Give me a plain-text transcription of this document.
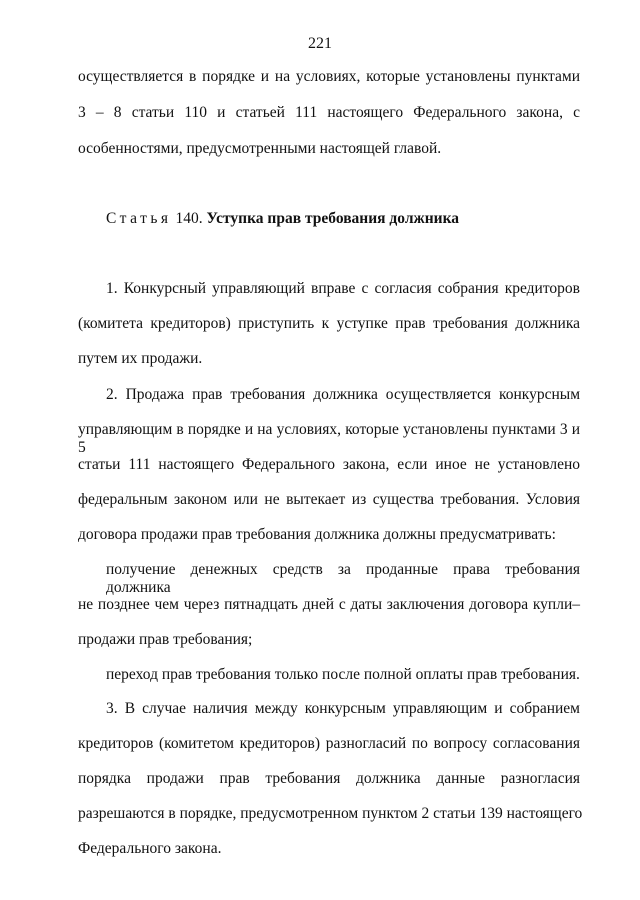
221
осуществляется в порядке и на условиях, которые установлены пунктами
3 – 8 статьи 110 и статьей 111 настоящего Федерального закона, с
особенностями, предусмотренными настоящей главой.
Статья 140. Уступка прав требования должника
1. Конкурсный управляющий вправе с согласия собрания кредиторов
(комитета кредиторов) приступить к уступке прав требования должника
путем их продажи.
2. Продажа прав требования должника осуществляется конкурсным
управляющим в порядке и на условиях, которые установлены пунктами 3 и 5
статьи 111 настоящего Федерального закона, если иное не установлено
федеральным законом или не вытекает из существа требования. Условия
договора продажи прав требования должника должны предусматривать:
получение денежных средств за проданные права требования должника
не позднее чем через пятнадцать дней с даты заключения договора купли–
продажи прав требования;
переход прав требования только после полной оплаты прав требования.
3. В случае наличия между конкурсным управляющим и собранием
кредиторов (комитетом кредиторов) разногласий по вопросу согласования
порядка продажи прав требования должника данные разногласия
разрешаются в порядке, предусмотренном пунктом 2 статьи 139 настоящего
Федерального закона.
